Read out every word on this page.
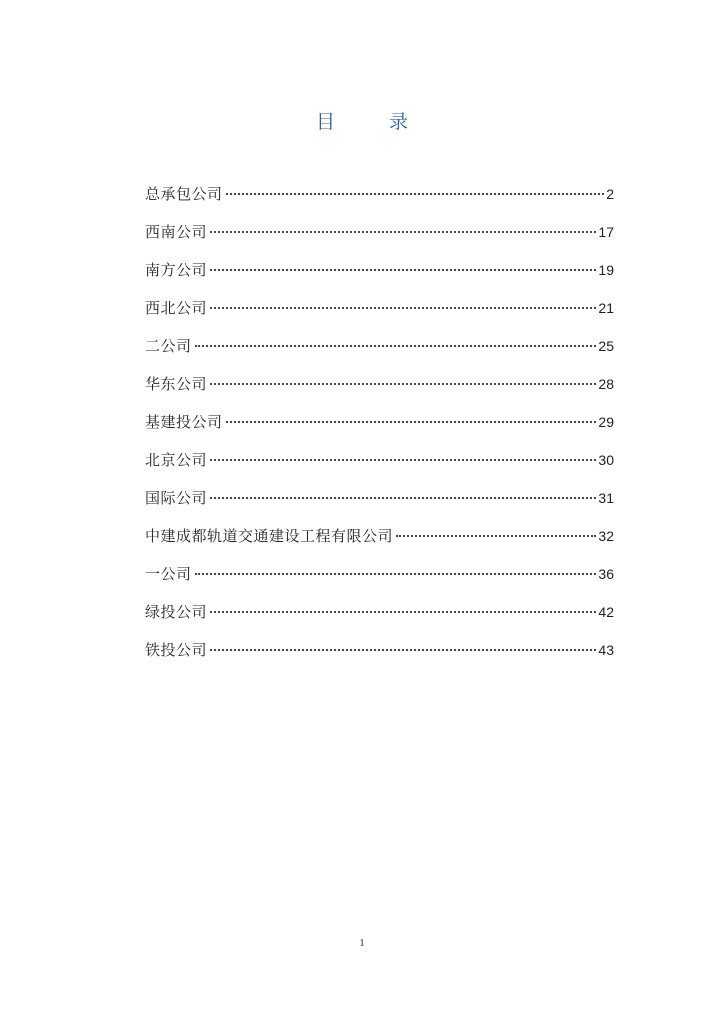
目 录
总承包公司	2
西南公司	17
南方公司	19
西北公司	21
二公司	25
华东公司	28
基建投公司	29
北京公司	30
国际公司	31
中建成都轨道交通建设工程有限公司	32
一公司	36
绿投公司	42
铁投公司	43
1
